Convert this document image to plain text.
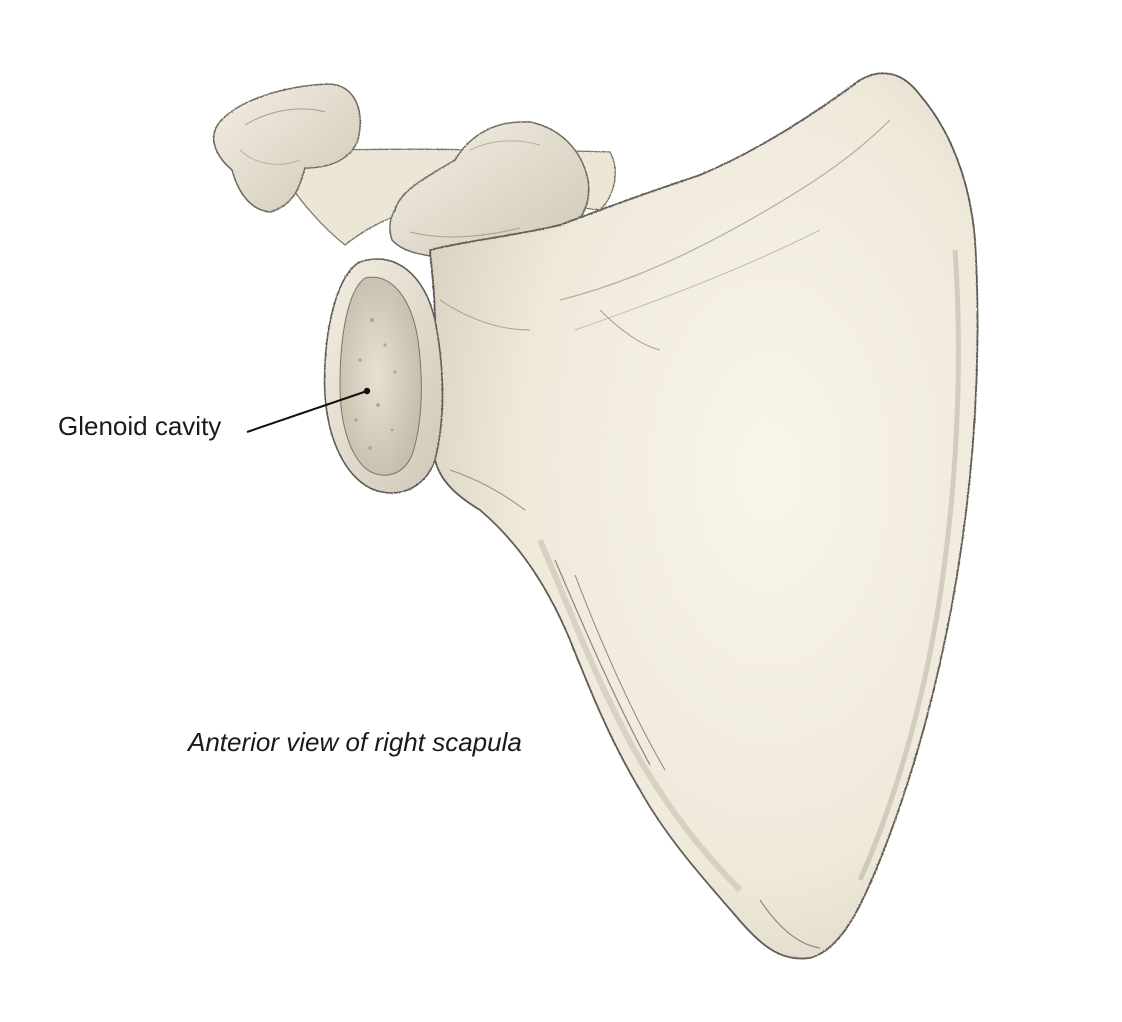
Glenoid cavity
Anterior view of right scapula
